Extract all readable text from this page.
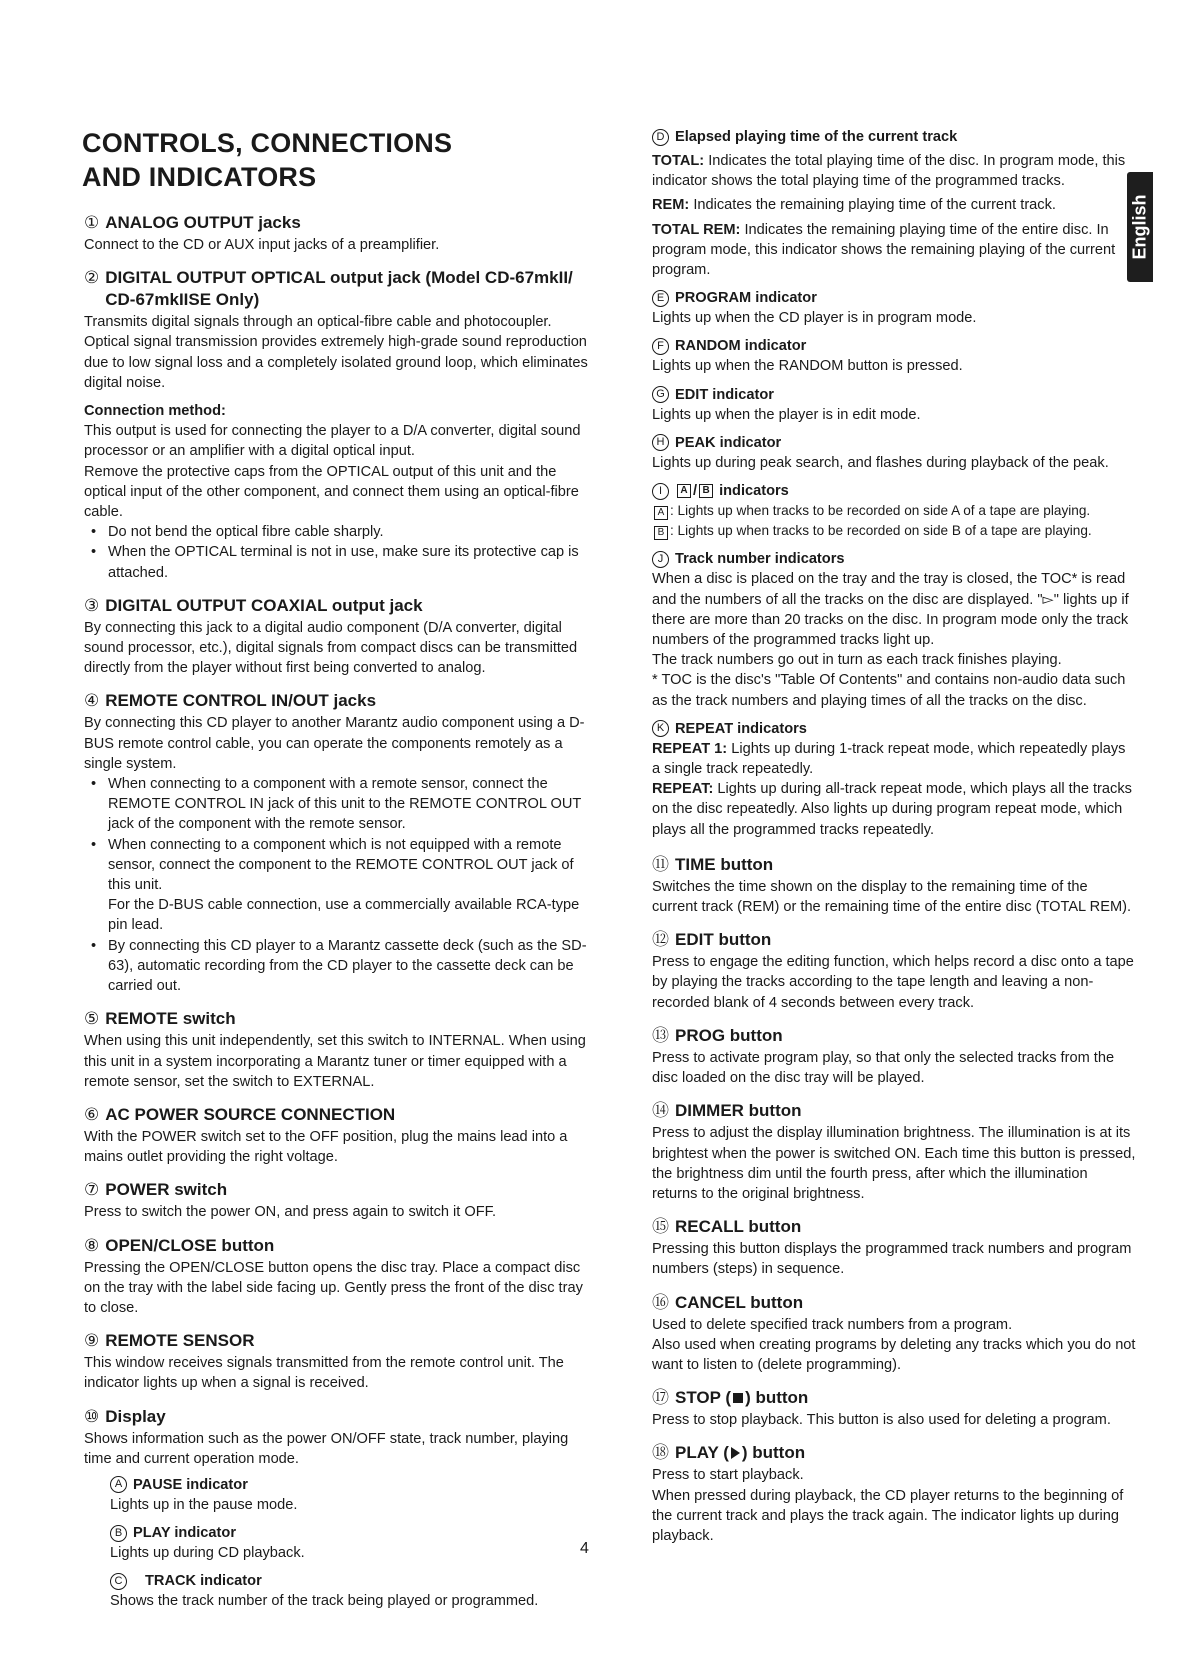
CONTROLS, CONNECTIONS
AND INDICATORS
English
① ANALOG OUTPUT jacks

Connect to the CD or AUX input jacks of a preamplifier.

② DIGITAL OUTPUT OPTICAL output jack (Model CD-67mkII/ CD-67mkIISE Only)

Transmits digital signals through an optical-fibre cable and photocoupler. Optical signal transmission provides extremely high-grade sound reproduction due to low signal loss and a completely isolated ground loop, which eliminates digital noise.

Connection method:

This output is used for connecting the player to a D/A converter, digital sound processor or an amplifier with a digital optical input.

Remove the protective caps from the OPTICAL output of this unit and the optical input of the other component, and connect them using an optical-fibre cable.

• Do not bend the optical fibre cable sharply.
• When the OPTICAL terminal is not in use, make sure its protective cap is attached.
③ DIGITAL OUTPUT COAXIAL output jack

By connecting this jack to a digital audio component (D/A converter, digital sound processor, etc.), digital signals from compact discs can be transmitted directly from the player without first being converted to analog.

④ REMOTE CONTROL IN/OUT jacks

By connecting this CD player to another Marantz audio component using a D-BUS remote control cable, you can operate the components remotely as a single system.

• When connecting to a component with a remote sensor, connect the REMOTE CONTROL IN jack of this unit to the REMOTE CONTROL OUT jack of the component with the remote sensor.
• When connecting to a component which is not equipped with a remote sensor, connect the component to the REMOTE CONTROL OUT jack of this unit.
For the D-BUS cable connection, use a commercially available RCA-type pin lead.
• By connecting this CD player to a Marantz cassette deck (such as the SD-63), automatic recording from the CD player to the cassette deck can be carried out.
⑤ REMOTE switch

When using this unit independently, set this switch to INTERNAL. When using this unit in a system incorporating a Marantz tuner or timer equipped with a remote sensor, set the switch to EXTERNAL.

⑥ AC POWER SOURCE CONNECTION

With the POWER switch set to the OFF position, plug the mains lead into a mains outlet providing the right voltage.

⑦ POWER switch

Press to switch the power ON, and press again to switch it OFF.

⑧ OPEN/CLOSE button

Pressing the OPEN/CLOSE button opens the disc tray. Place a compact disc on the tray with the label side facing up. Gently press the front of the disc tray to close.

⑨ REMOTE SENSOR

This window receives signals transmitted from the remote control unit. The indicator lights up when a signal is received.

⑩ Display

Shows information such as the power ON/OFF state, track number, playing time and current operation mode.

A PAUSE indicator

Lights up in the pause mode.

B PLAY indicator

Lights up during CD playback.

C	TRACK indicator

Shows the track number of the track being played or programmed.

D Elapsed playing time of the current track

TOTAL: Indicates the total playing time of the disc. In program mode, this indicator shows the total playing time of the programmed tracks.

REM: Indicates the remaining playing time of the current track.

TOTAL REM: Indicates the remaining playing time of the entire disc. In program mode, this indicator shows the remaining playing of the current program.

E PROGRAM indicator

Lights up when the CD player is in program mode.

F RANDOM indicator

Lights up when the RANDOM button is pressed.

G EDIT indicator

Lights up when the player is in edit mode.

H PEAK indicator

Lights up during peak search, and flashes during playback of the peak.

I	A / B indicators

A : Lights up when tracks to be recorded on side A of a tape are playing.

B : Lights up when tracks to be recorded on side B of a tape are playing.

J Track number indicators

When a disc is placed on the tray and the tray is closed, the TOC* is read and the numbers of all the tracks on the disc are displayed. "▻" lights up if there are more than 20 tracks on the disc. In program mode only the track numbers of the programmed tracks light up.

The track numbers go out in turn as each track finishes playing.

* TOC is the disc's "Table Of Contents" and contains non-audio data such as the track numbers and playing times of all the tracks on the disc.

K REPEAT indicators

REPEAT 1: Lights up during 1-track repeat mode, which repeatedly plays a single track repeatedly.

REPEAT: Lights up during all-track repeat mode, which plays all the tracks on the disc repeatedly. Also lights up during program repeat mode, which plays all the programmed tracks repeatedly.

⑪ TIME button

Switches the time shown on the display to the remaining time of the current track (REM) or the remaining time of the entire disc (TOTAL REM).

⑫ EDIT button

Press to engage the editing function, which helps record a disc onto a tape by playing the tracks according to the tape length and leaving a non-recorded blank of 4 seconds between every track.

⑬ PROG button

Press to activate program play, so that only the selected tracks from the disc loaded on the disc tray will be played.

⑭ DIMMER button

Press to adjust the display illumination brightness. The illumination is at its brightest when the power is switched ON. Each time this button is pressed, the brightness dim until the fourth press, after which the illumination returns to the original brightness.

⑮ RECALL button

Pressing this button displays the programmed track numbers and program numbers (steps) in sequence.

⑯ CANCEL button

Used to delete specified track numbers from a program.

Also used when creating programs by deleting any tracks which you do not want to listen to (delete programming).

⑰ STOP ( ) button

Press to stop playback. This button is also used for deleting a program.

⑱ PLAY ( ) button

Press to start playback.

When pressed during playback, the CD player returns to the beginning of the current track and plays the track again. The indicator lights up during playback.

4
